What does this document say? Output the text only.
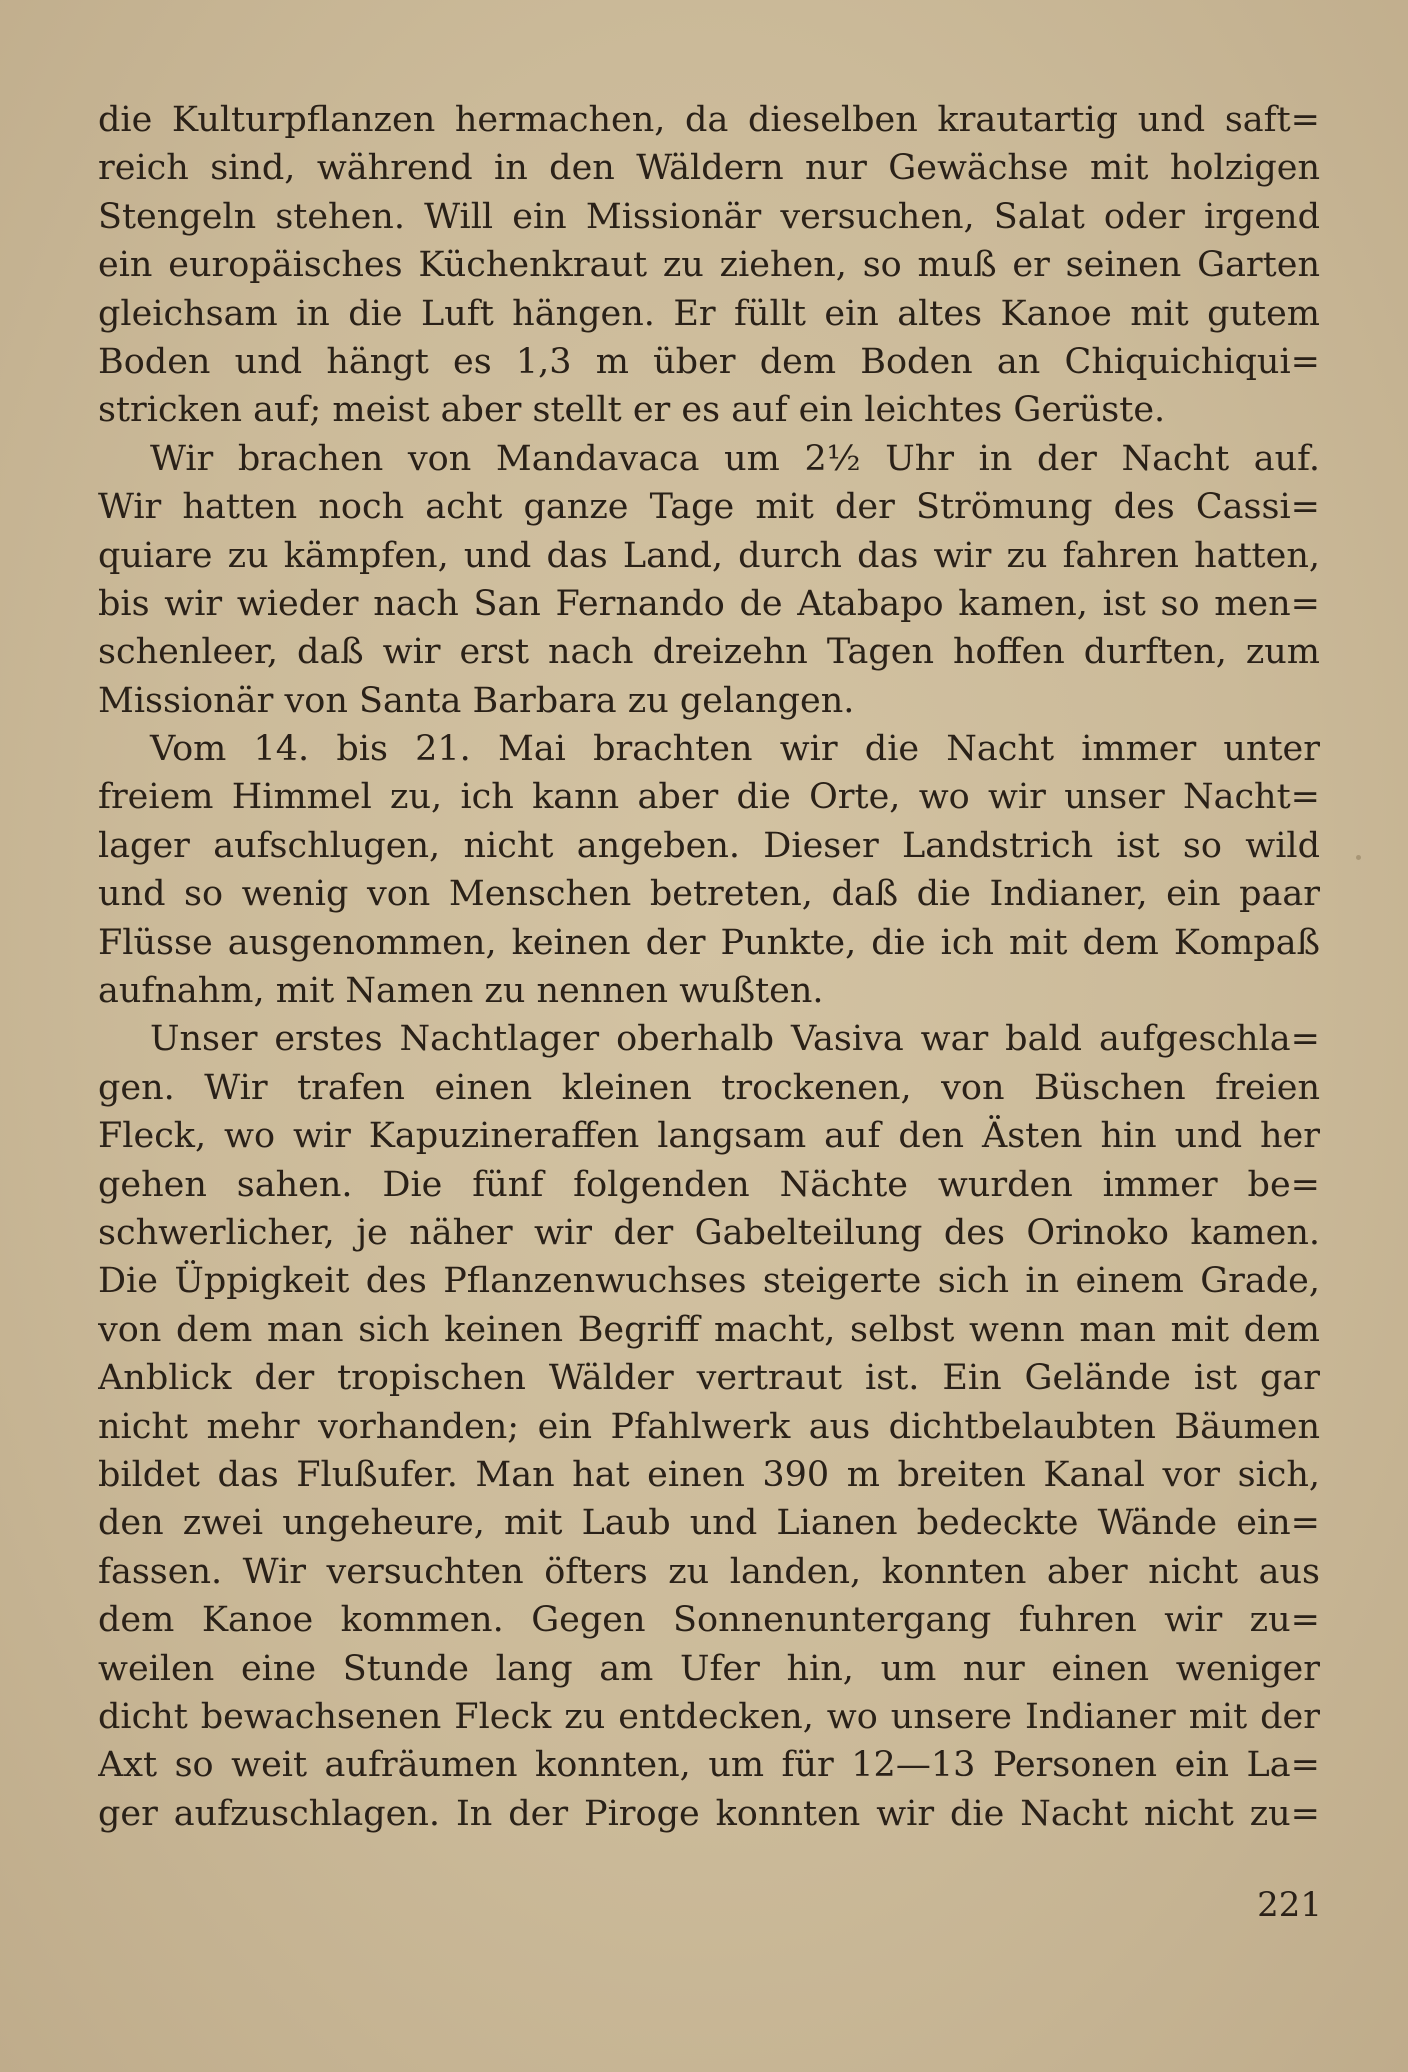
die Kulturpflanzen hermachen, da dieselben krautartig und saft=
reich sind, während in den Wäldern nur Gewächse mit holzigen
Stengeln stehen. Will ein Missionär versuchen, Salat oder irgend
ein europäisches Küchenkraut zu ziehen, so muß er seinen Garten
gleichsam in die Luft hängen. Er füllt ein altes Kanoe mit gutem
Boden und hängt es 1,3 m über dem Boden an Chiquichiqui=
stricken auf; meist aber stellt er es auf ein leichtes Gerüste.
Wir brachen von Mandavaca um 2½ Uhr in der Nacht auf.
Wir hatten noch acht ganze Tage mit der Strömung des Cassi=
quiare zu kämpfen, und das Land, durch das wir zu fahren hatten,
bis wir wieder nach San Fernando de Atabapo kamen, ist so men=
schenleer, daß wir erst nach dreizehn Tagen hoffen durften, zum
Missionär von Santa Barbara zu gelangen.
Vom 14. bis 21. Mai brachten wir die Nacht immer unter
freiem Himmel zu, ich kann aber die Orte, wo wir unser Nacht=
lager aufschlugen, nicht angeben. Dieser Landstrich ist so wild
und so wenig von Menschen betreten, daß die Indianer, ein paar
Flüsse ausgenommen, keinen der Punkte, die ich mit dem Kompaß
aufnahm, mit Namen zu nennen wußten.
Unser erstes Nachtlager oberhalb Vasiva war bald aufgeschla=
gen. Wir trafen einen kleinen trockenen, von Büschen freien
Fleck, wo wir Kapuzineraffen langsam auf den Ästen hin und her
gehen sahen. Die fünf folgenden Nächte wurden immer be=
schwerlicher, je näher wir der Gabelteilung des Orinoko kamen.
Die Üppigkeit des Pflanzenwuchses steigerte sich in einem Grade,
von dem man sich keinen Begriff macht, selbst wenn man mit dem
Anblick der tropischen Wälder vertraut ist. Ein Gelände ist gar
nicht mehr vorhanden; ein Pfahlwerk aus dichtbelaubten Bäumen
bildet das Flußufer. Man hat einen 390 m breiten Kanal vor sich,
den zwei ungeheure, mit Laub und Lianen bedeckte Wände ein=
fassen. Wir versuchten öfters zu landen, konnten aber nicht aus
dem Kanoe kommen. Gegen Sonnenuntergang fuhren wir zu=
weilen eine Stunde lang am Ufer hin, um nur einen weniger
dicht bewachsenen Fleck zu entdecken, wo unsere Indianer mit der
Axt so weit aufräumen konnten, um für 12—13 Personen ein La=
ger aufzuschlagen. In der Piroge konnten wir die Nacht nicht zu=
221
